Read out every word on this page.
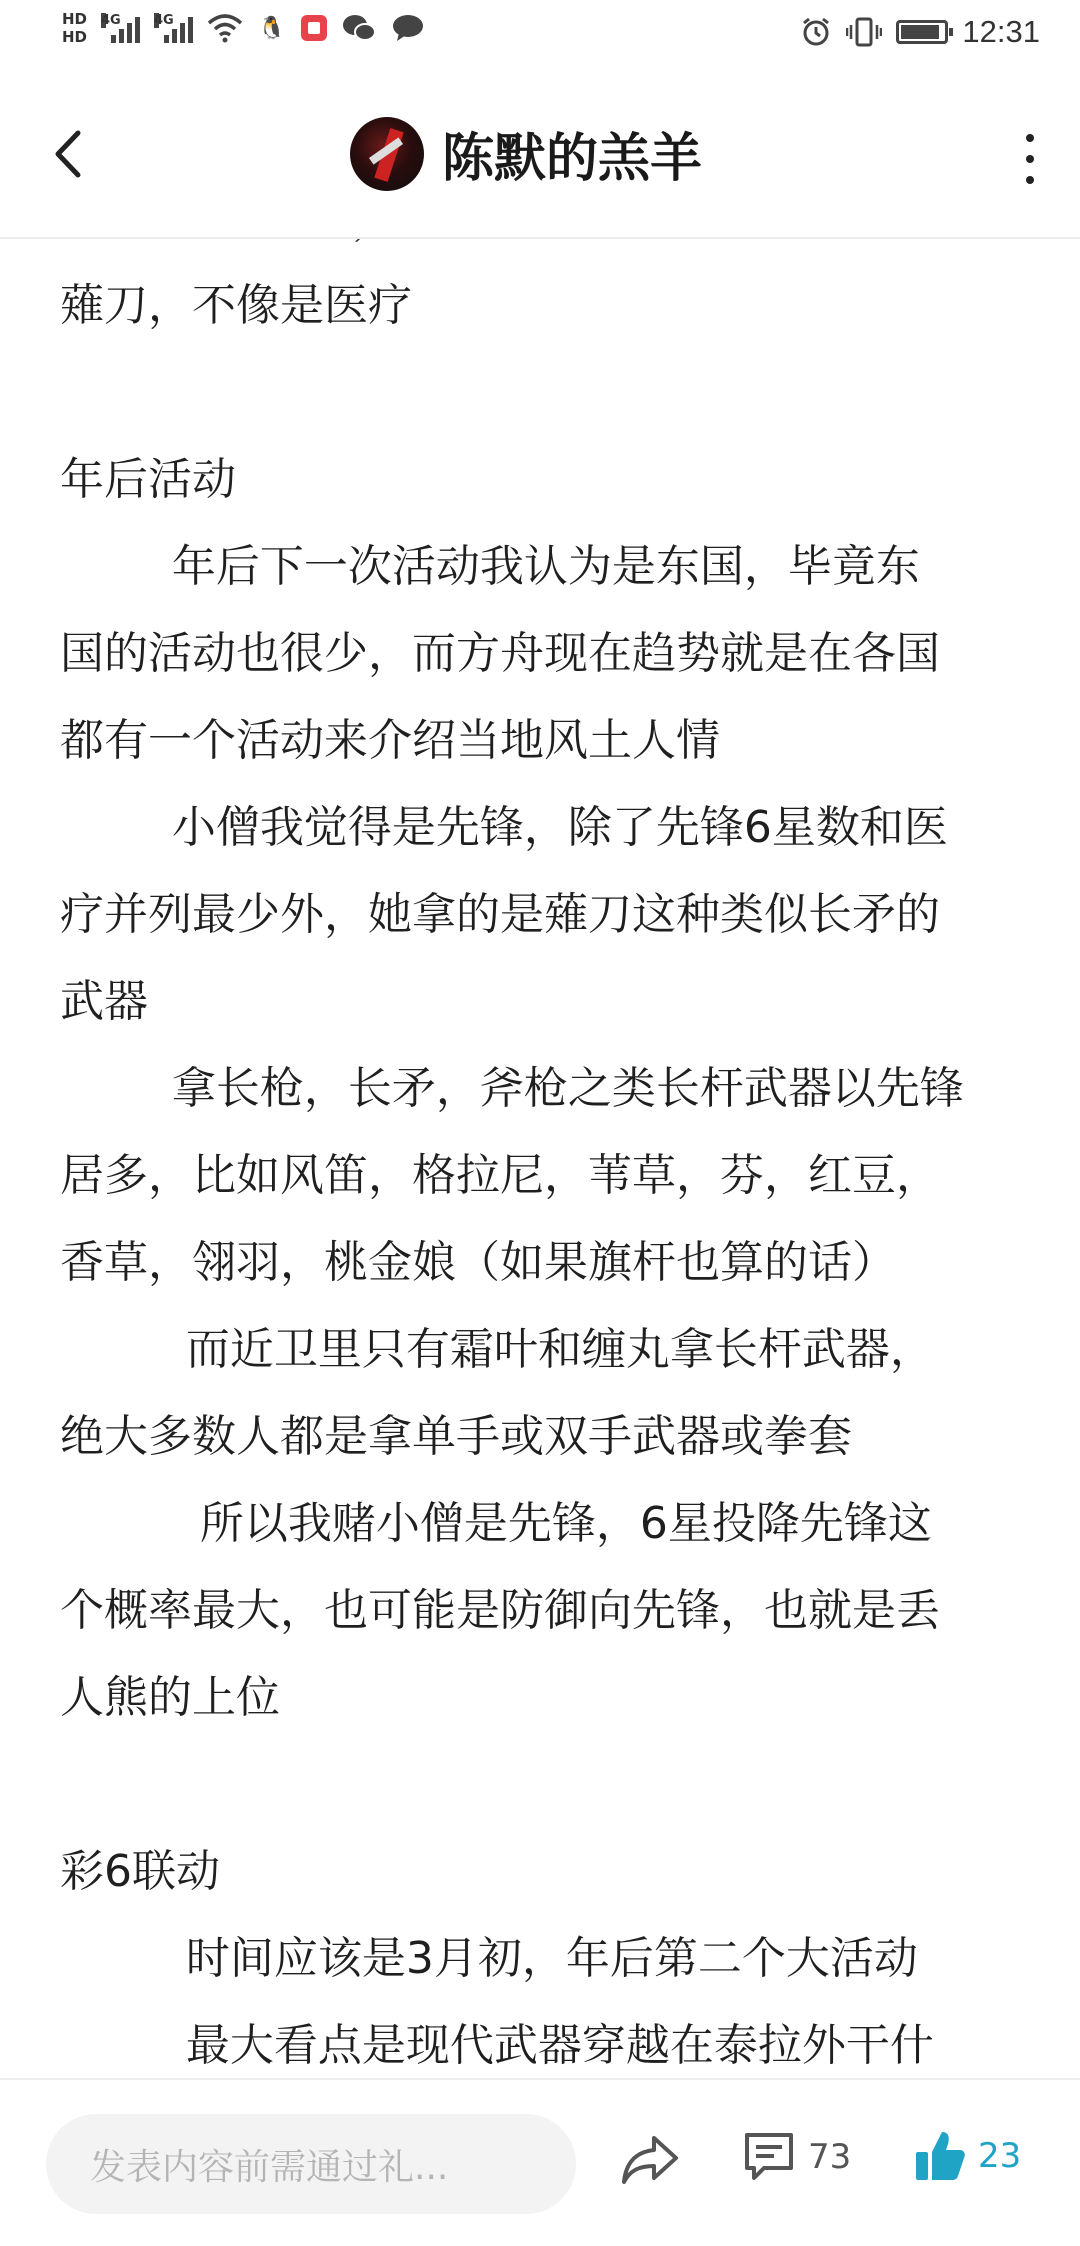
HD
HD
4G	4G	🐧	12:31
陈默的羔羊

薙刀，不像是医疗

年后活动

年后下一次活动我认为是东国，毕竟东

国的活动也很少，而方舟现在趋势就是在各国

都有一个活动来介绍当地风土人情

小僧我觉得是先锋，除了先锋6星数和医

疗并列最少外，她拿的是薙刀这种类似长矛的

武器

拿长枪，长矛，斧枪之类长杆武器以先锋

居多，比如风笛，格拉尼，苇草，芬，红豆，

香草，翎羽，桃金娘（如果旗杆也算的话）

而近卫里只有霜叶和缠丸拿长杆武器，

绝大多数人都是拿单手或双手武器或拳套

所以我赌小僧是先锋，6星投降先锋这

个概率最大，也可能是防御向先锋，也就是丢

人熊的上位

彩6联动

时间应该是3月初，年后第二个大活动

最大看点是现代武器穿越在泰拉外干什

发表内容前需通过礼...	73	23
